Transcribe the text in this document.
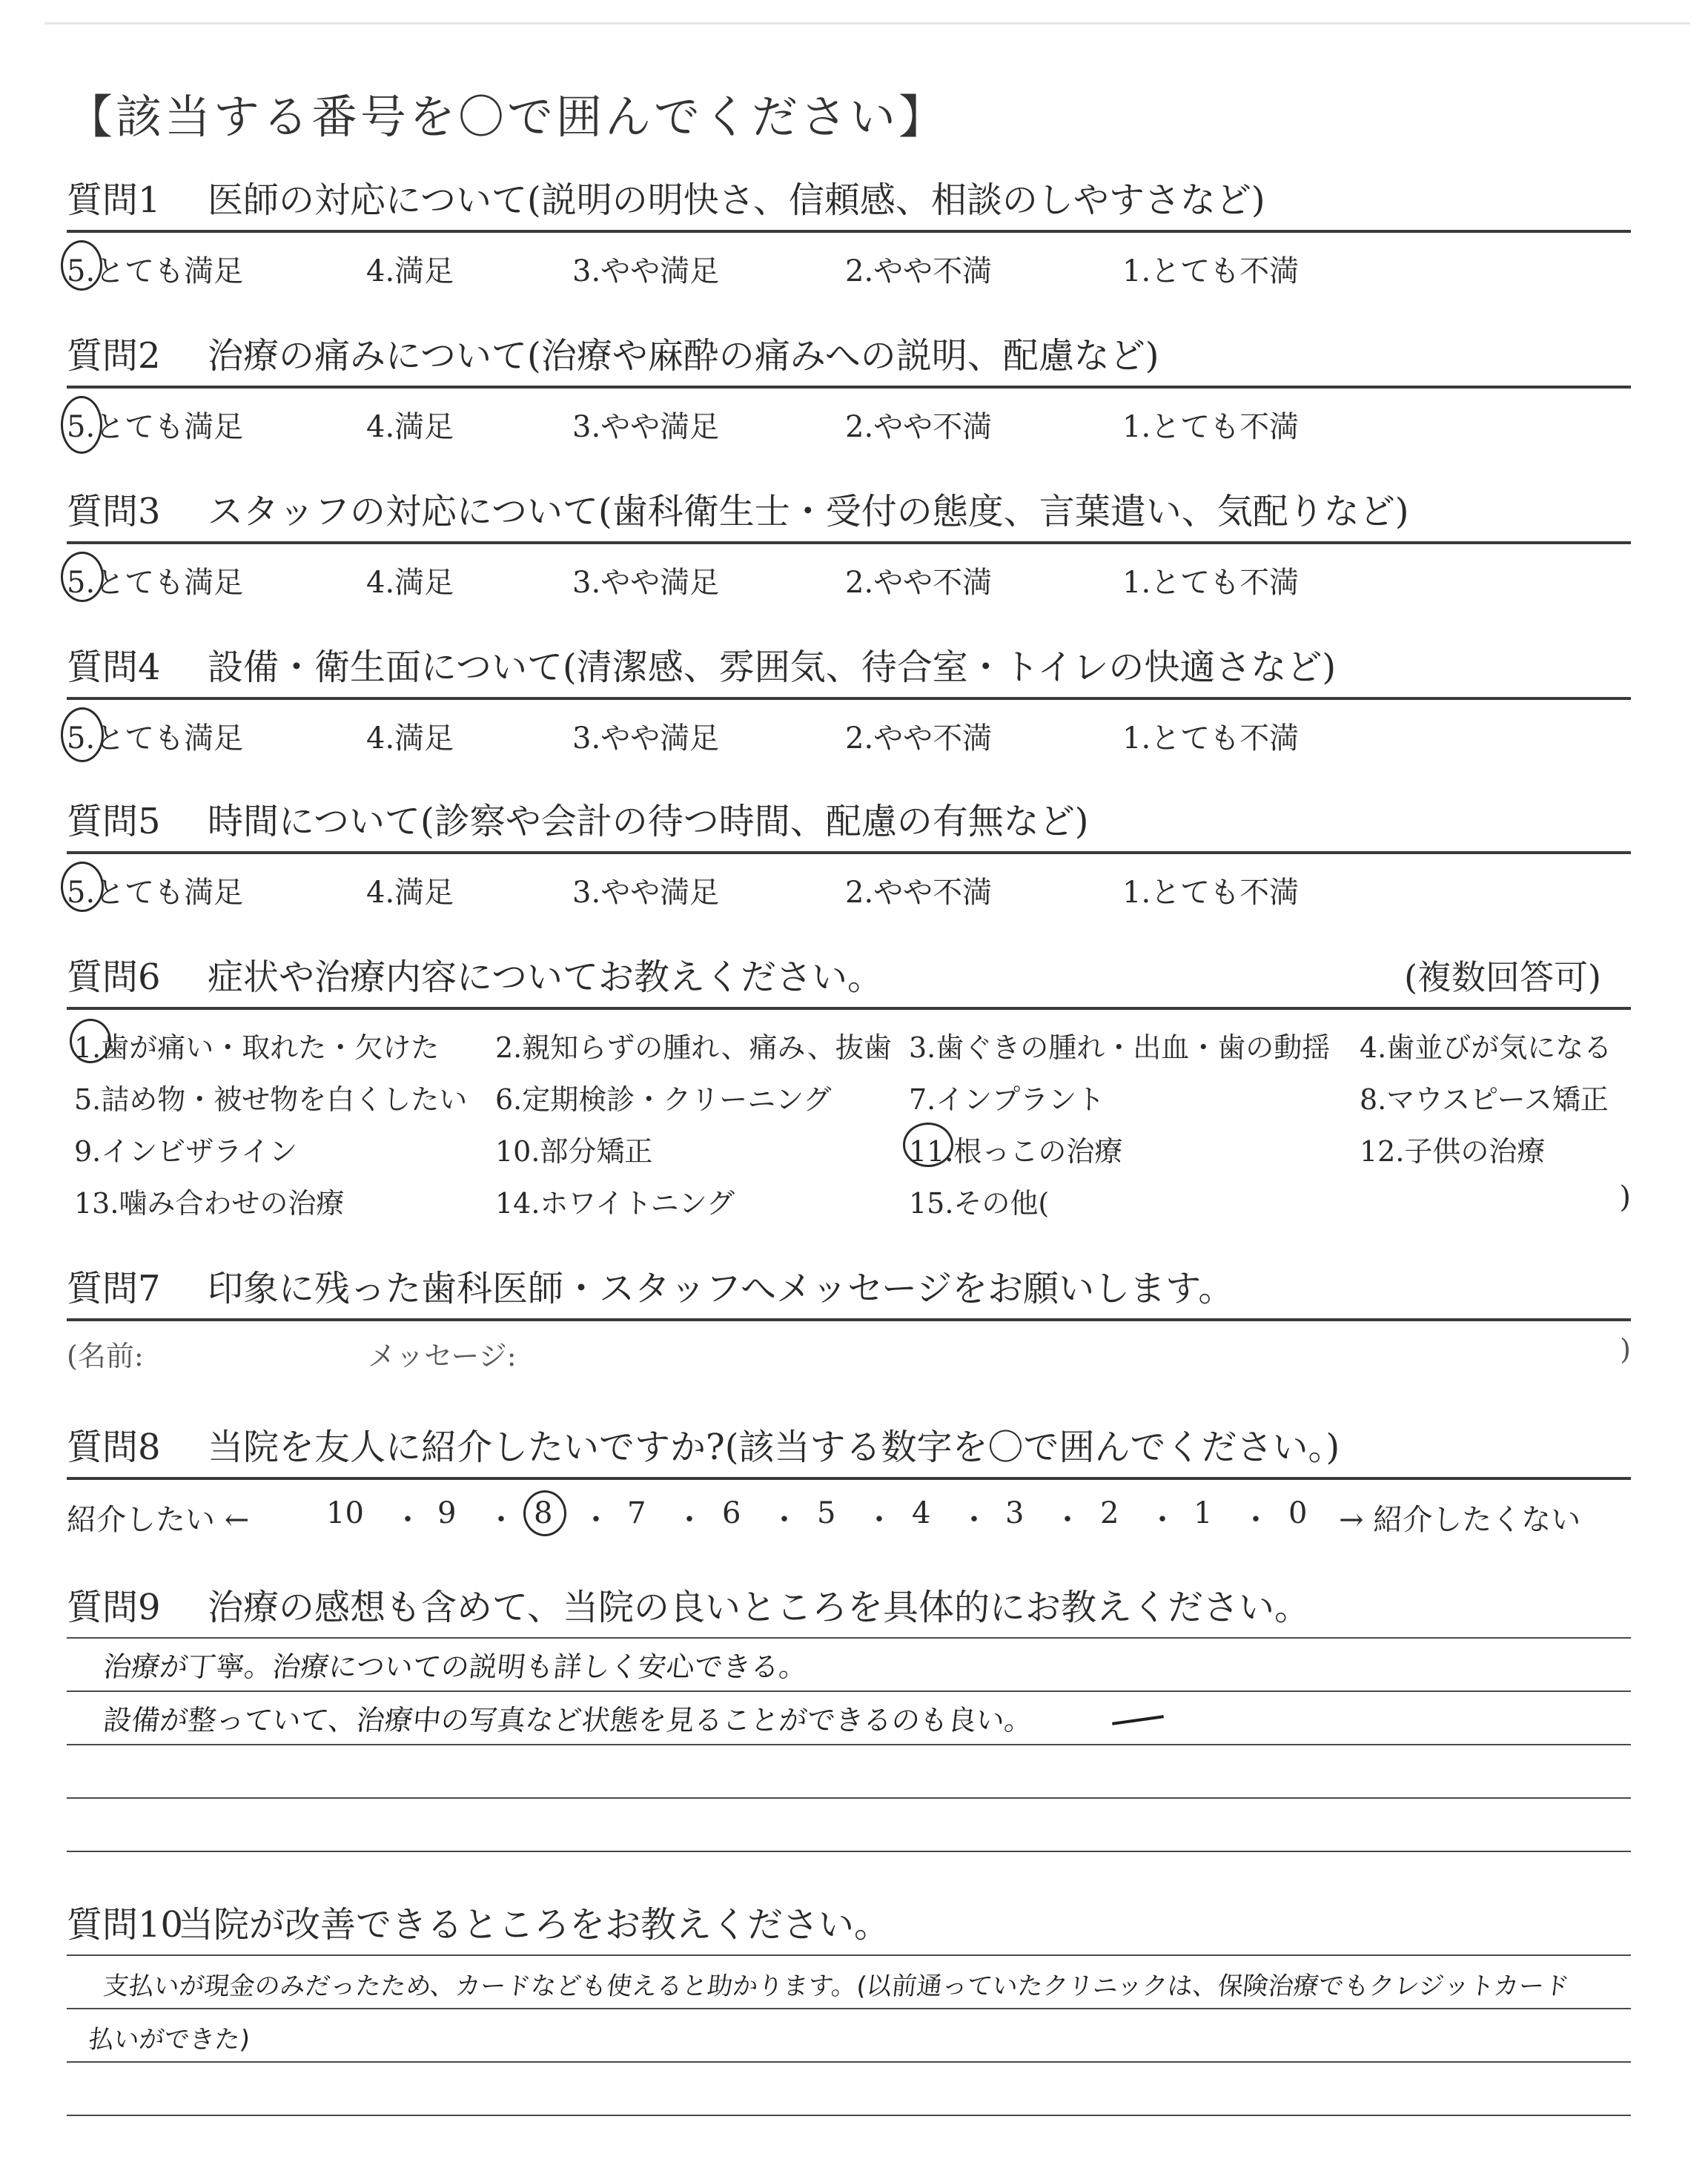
【該当する番号を〇で囲んでください】
質問1 医師の対応について(説明の明快さ、信頼感、相談のしやすさなど)
5.とても満足	4.満足	3.やや満足	2.やや不満	1.とても不満
質問2 治療の痛みについて(治療や麻酔の痛みへの説明、配慮など)
5.とても満足	4.満足	3.やや満足	2.やや不満	1.とても不満
質問3 スタッフの対応について(歯科衛生士・受付の態度、言葉遣い、気配りなど)
5.とても満足	4.満足	3.やや満足	2.やや不満	1.とても不満
質問4 設備・衛生面について(清潔感、雰囲気、待合室・トイレの快適さなど)
5.とても満足	4.満足	3.やや満足	2.やや不満	1.とても不満
質問5 時間について(診察や会計の待つ時間、配慮の有無など)
5.とても満足	4.満足	3.やや満足	2.やや不満	1.とても不満
質問6 症状や治療内容についてお教えください。	(複数回答可)
1.歯が痛い・取れた・欠けた 2.親知らずの腫れ、痛み、抜歯 3.歯ぐきの腫れ・出血・歯の動揺 4.歯並びが気になる
5.詰め物・被せ物を白くしたい 6.定期検診・クリーニング	7.インプラント	8.マウスピース矯正
9.インビザライン	10.部分矯正	11.根っこの治療	12.子供の治療
13.噛み合わせの治療	14.ホワイトニング	15.その他(	)
質問7 印象に残った歯科医師・スタッフへメッセージをお願いします。
(名前:	メッセージ:	)
質問8 当院を友人に紹介したいですか?(該当する数字を〇で囲んでください。)
紹介したい ←	10 ・ 9 ・ 8 ・ 7 ・ 6 ・ 5 ・ 4 ・ 3 ・ 2 ・ 1 ・ 0 → 紹介したくない
質問9 治療の感想も含めて、当院の良いところを具体的にお教えください。
治療が丁寧。治療についての説明も詳しく安心できる。
設備が整っていて、治療中の写真など状態を見ることができるのも良い。
質問10当院が改善できるところをお教えください。
支払いが現金のみだったため、カードなども使えると助かります。(以前通っていたクリニックは、保険治療でもクレジットカード
払いができた)
